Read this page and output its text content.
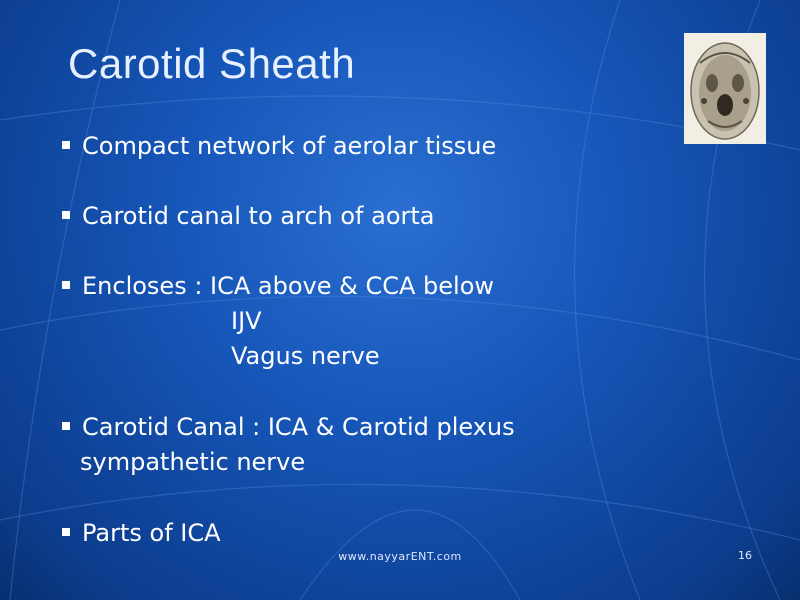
Carotid Sheath
Compact network of aerolar tissue
Carotid canal to arch of aorta
Encloses : ICA above & CCA below
IJV
Vagus nerve
Carotid Canal : ICA & Carotid plexus
sympathetic nerve
Parts of ICA
www.nayyarENT.com	16
